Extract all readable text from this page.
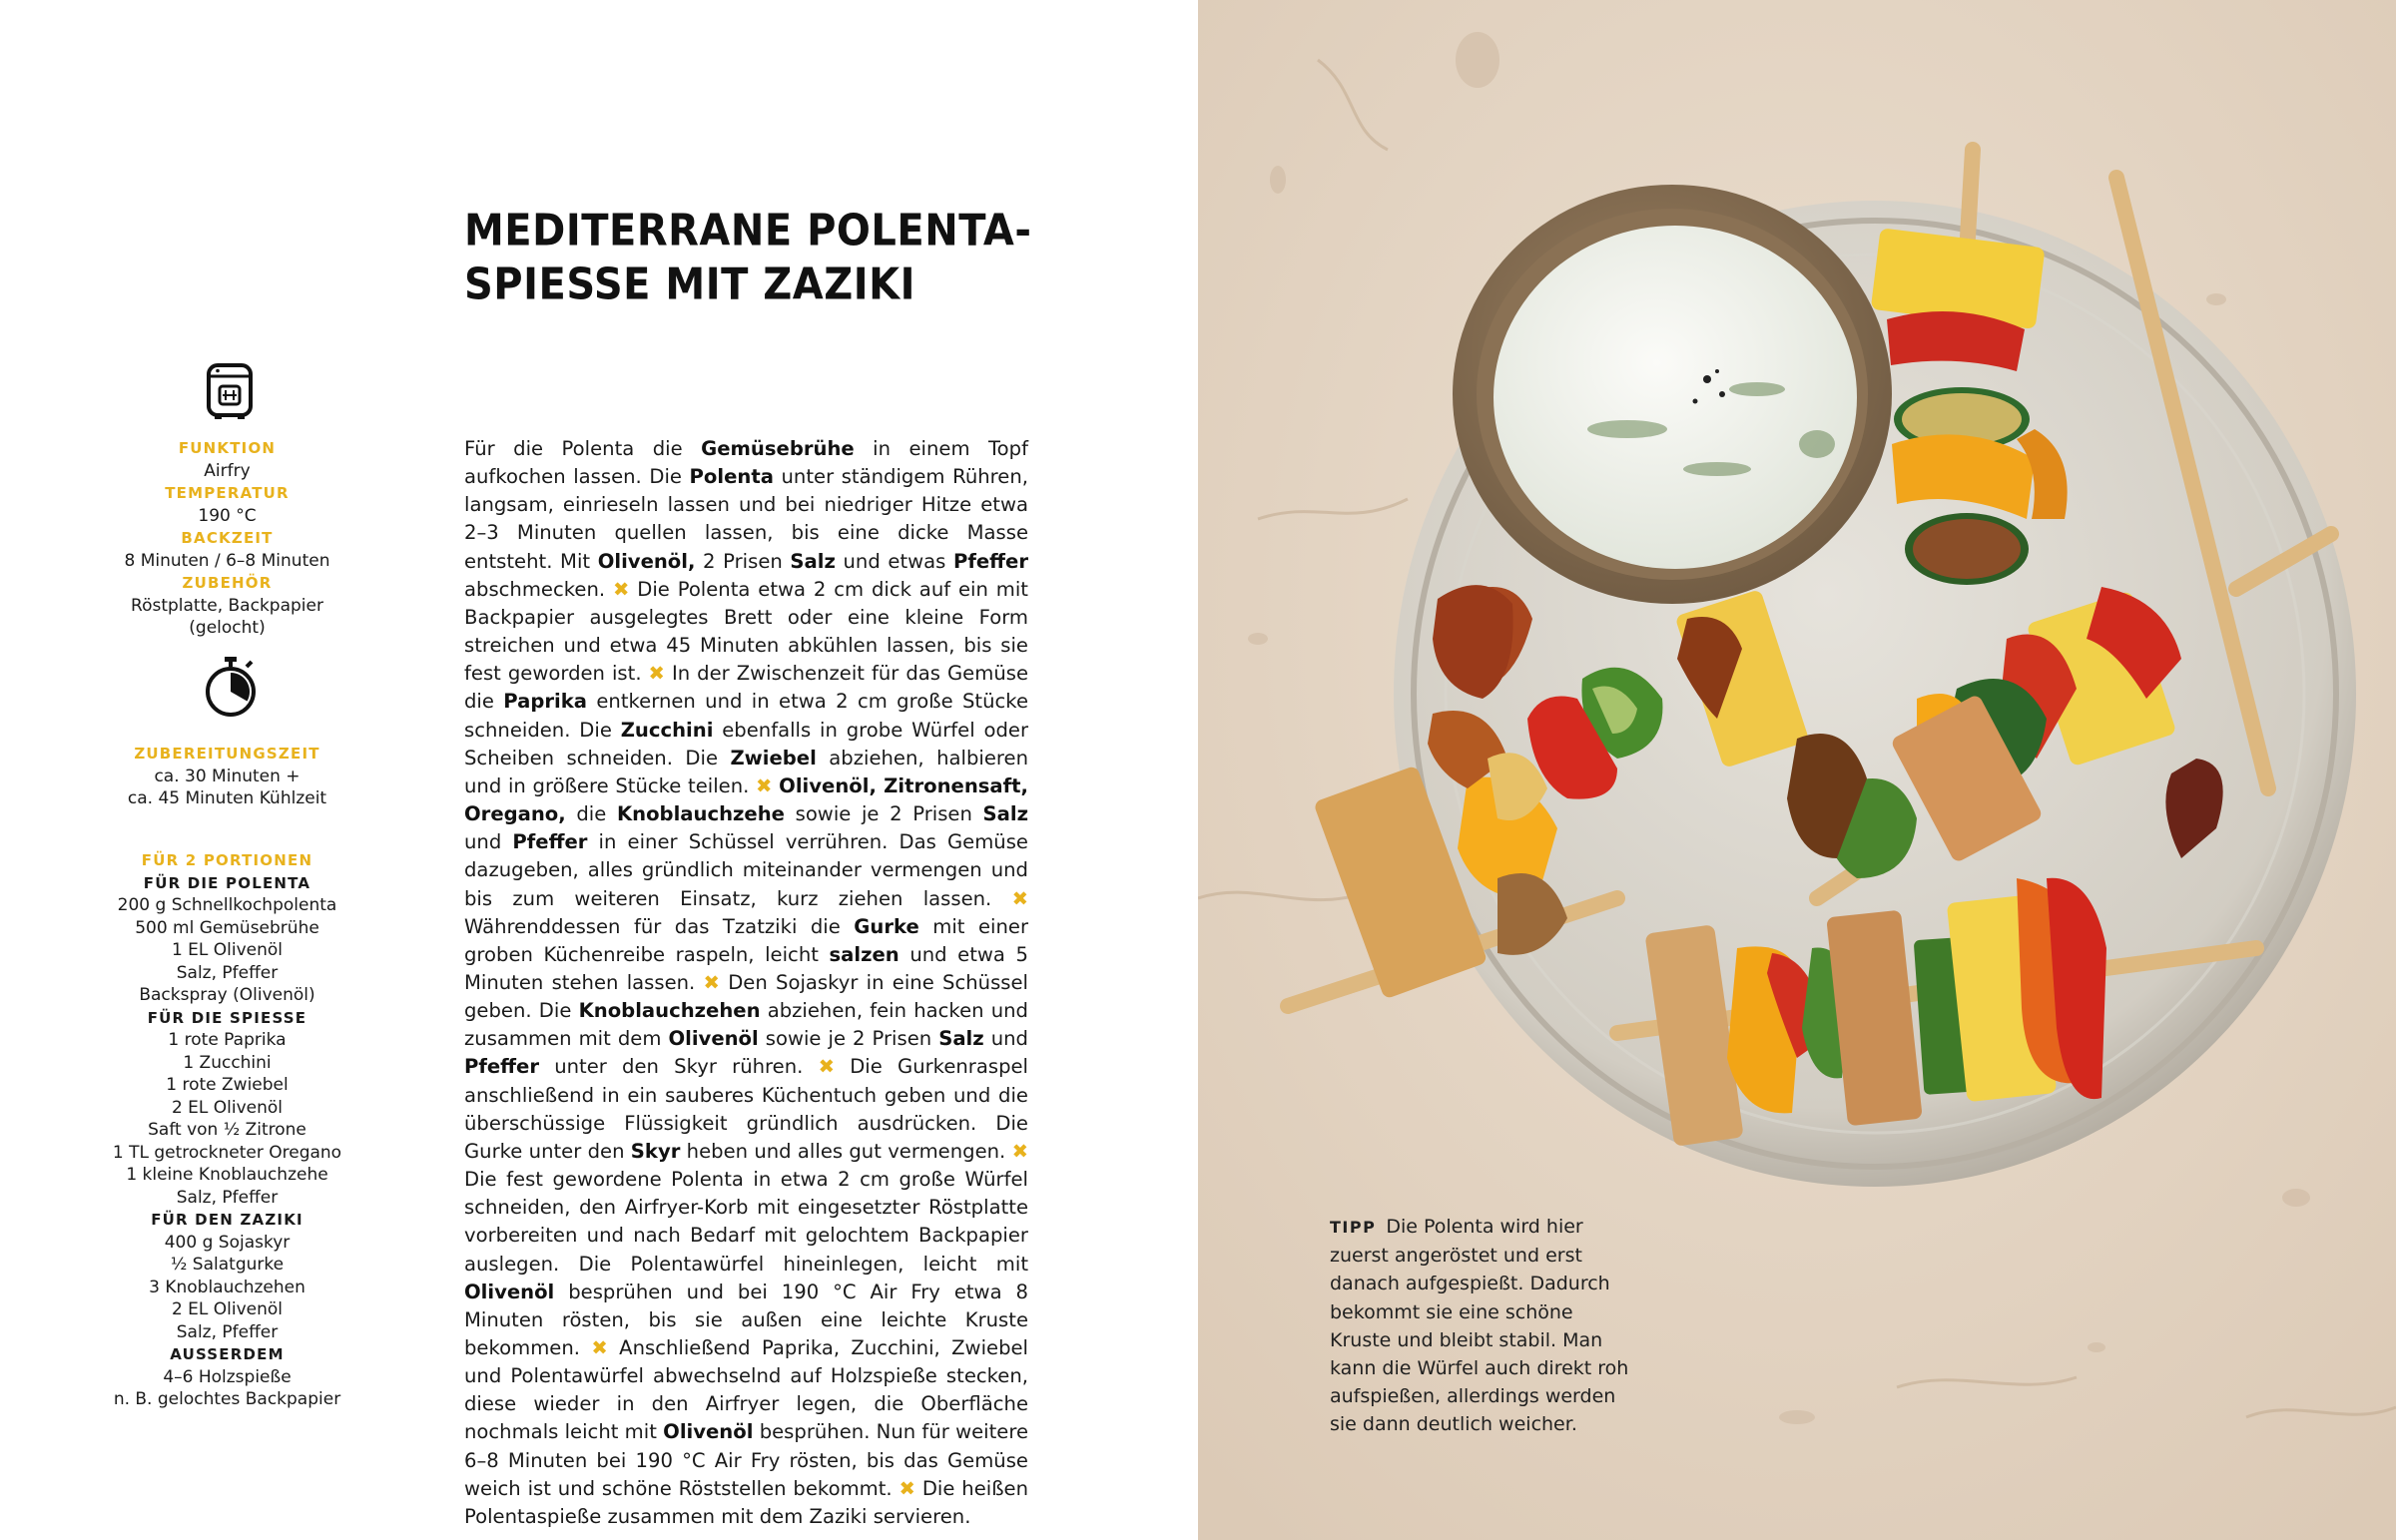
MEDITERRANE POLENTA-
SPIESSE MIT ZAZIKI
FUNKTION
Airfry
TEMPERATUR
190 °C
BACKZEIT
8 Minuten / 6–8 Minuten
ZUBEHÖR
Röstplatte, Backpapier (gelocht)
ZUBEREITUNGSZEIT
ca. 30 Minuten +
ca. 45 Minuten Kühlzeit
FÜR 2 PORTIONEN
FÜR DIE POLENTA
200 g Schnellkochpolenta
500 ml Gemüsebrühe
1 EL Olivenöl
Salz, Pfeffer
Backspray (Olivenöl)
FÜR DIE SPIESSE
1 rote Paprika
1 Zucchini
1 rote Zwiebel
2 EL Olivenöl
Saft von ½ Zitrone
1 TL getrockneter Oregano
1 kleine Knoblauchzehe
Salz, Pfeffer
FÜR DEN ZAZIKI
400 g Sojaskyr
½ Salatgurke
3 Knoblauchzehen
2 EL Olivenöl
Salz, Pfeffer
AUSSERDEM
4–6 Holzspieße
n. B. gelochtes Backpapier

Für die Polenta die Gemüsebrühe in einem Topf aufkochen lassen. Die Polenta unter ständigem Rühren, langsam, einrieseln lassen und bei niedriger Hitze etwa 2–3 Minuten quellen lassen, bis eine dicke Masse entsteht. Mit Olivenöl, 2 Prisen Salz und etwas Pfeffer abschmecken. ✖ Die Polenta etwa 2 cm dick auf ein mit Backpapier ausgelegtes Brett oder eine kleine Form streichen und etwa 45 Minuten abkühlen lassen, bis sie fest geworden ist. ✖ In der Zwischenzeit für das Gemüse die Paprika entkernen und in etwa 2 cm große Stücke schneiden. Die Zucchini ebenfalls in grobe Würfel oder Scheiben schneiden. Die Zwiebel abziehen, halbieren und in größere Stücke teilen. ✖ Olivenöl, Zitronensaft, Oregano, die Knoblauchzehe sowie je 2 Prisen Salz und Pfeffer in einer Schüssel verrühren. Das Gemüse dazugeben, alles gründlich miteinander vermengen und bis zum weiteren Einsatz, kurz ziehen lassen. ✖ Währenddessen für das Tzatziki die Gurke mit einer groben Küchenreibe raspeln, leicht salzen und etwa 5 Minuten stehen lassen. ✖ Den Sojaskyr in eine Schüssel geben. Die Knoblauchzehen abziehen, fein hacken und zusammen mit dem Olivenöl sowie je 2 Prisen Salz und Pfeffer unter den Skyr rühren. ✖ Die Gurkenraspel anschließend in ein sauberes Küchentuch geben und die überschüssige Flüssigkeit gründlich ausdrücken. Die Gurke unter den Skyr heben und alles gut vermengen. ✖ Die fest gewordene Polenta in etwa 2 cm große Würfel schneiden, den Airfryer-Korb mit eingesetzter Röstplatte vorbereiten und nach Bedarf mit gelochtem Backpapier auslegen. Die Polentawürfel hineinlegen, leicht mit Olivenöl besprühen und bei 190 °C Air Fry etwa 8 Minuten rösten, bis sie außen eine leichte Kruste bekommen. ✖ Anschließend Paprika, Zucchini, Zwiebel und Polentawürfel abwechselnd auf Holzspieße stecken, diese wieder in den Airfryer legen, die Oberfläche nochmals leicht mit Olivenöl besprühen. Nun für weitere 6–8 Minuten bei 190 °C Air Fry rösten, bis das Gemüse weich ist und schöne Röststellen bekommt. ✖ Die heißen Polentaspieße zusammen mit dem Zaziki servieren.

TIPP Die Polenta wird hier zuerst angeröstet und erst danach aufgespießt. Dadurch bekommt sie eine schöne Kruste und bleibt stabil. Man kann die Würfel auch direkt roh aufspießen, allerdings werden sie dann deutlich weicher.
